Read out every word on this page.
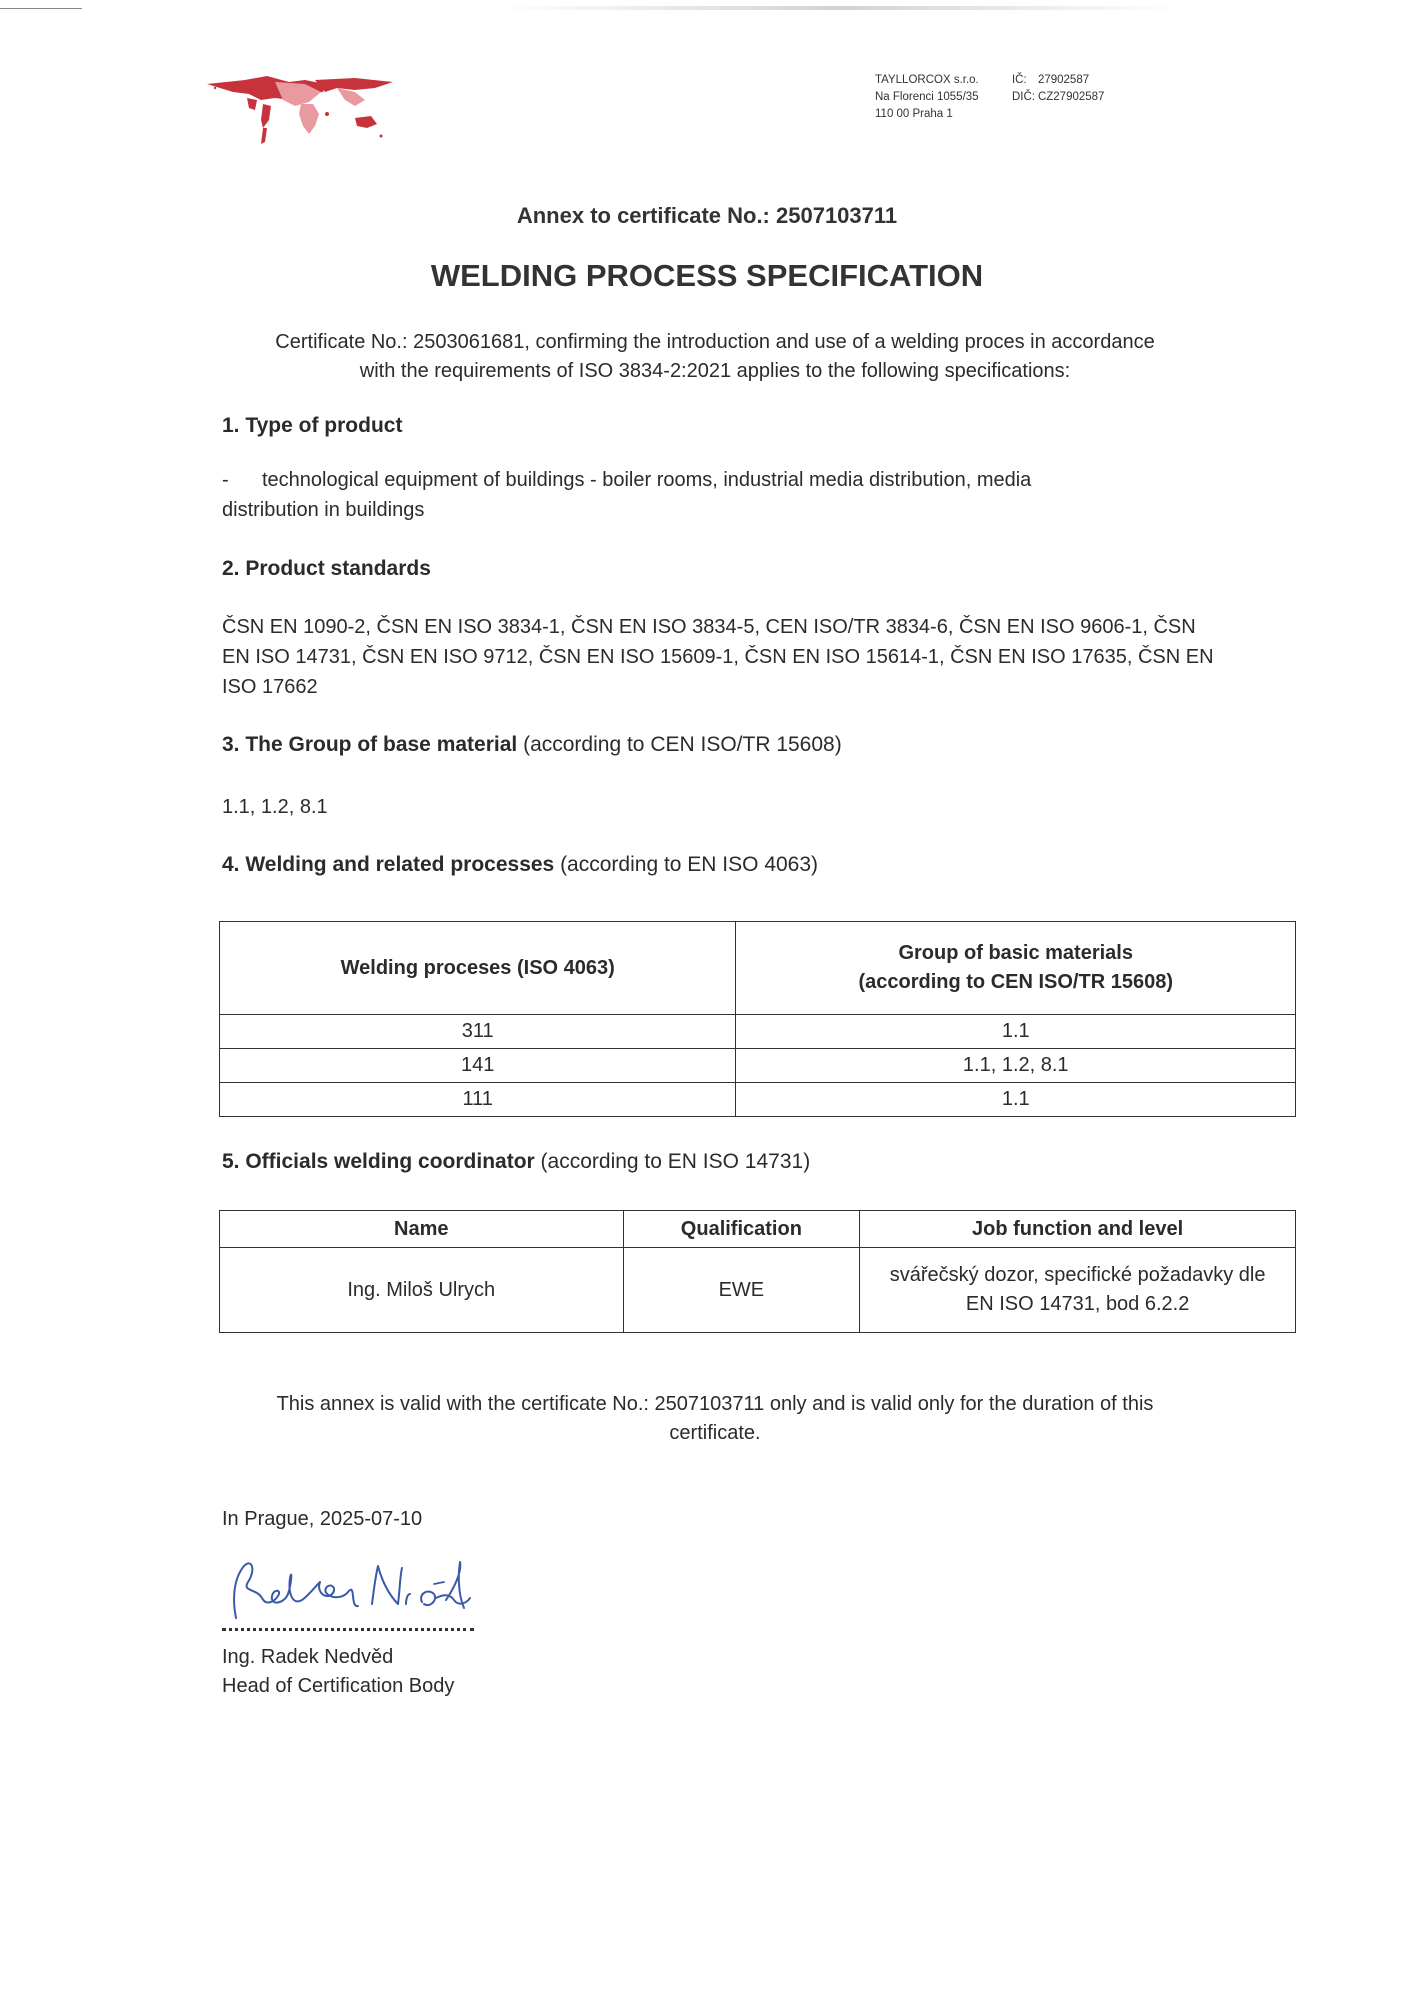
TAYLLORCOX s.r.o.
Na Florenci 1055/35
110 00 Praha 1

IČ: 27902587
DIČ: CZ27902587
Annex to certificate No.: 2507103711
WELDING PROCESS SPECIFICATION
Certificate No.: 2503061681, confirming the introduction and use of a welding proces in accordance
with the requirements of ISO 3834-2:2021 applies to the following specifications:
1. Type of product
- technological equipment of buildings - boiler rooms, industrial media distribution, media
distribution in buildings
2. Product standards
ČSN EN 1090-2, ČSN EN ISO 3834-1, ČSN EN ISO 3834-5, CEN ISO/TR 3834-6, ČSN EN ISO 9606-1, ČSN
EN ISO 14731, ČSN EN ISO 9712, ČSN EN ISO 15609-1, ČSN EN ISO 15614-1, ČSN EN ISO 17635, ČSN EN
ISO 17662
3. The Group of base material (according to CEN ISO/TR 15608)
1.1, 1.2, 8.1
4. Welding and related processes (according to EN ISO 4063)
Welding proceses (ISO 4063)	Group of basic materials
(according to CEN ISO/TR 15608)

311	1.1
141	1.1, 1.2, 8.1
111	1.1
5. Officials welding coordinator (according to EN ISO 14731)
Name	Qualification	Job function and level
Ing. Miloš Ulrych	EWE	svářečský dozor, specifické požadavky dle
EN ISO 14731, bod 6.2.2
This annex is valid with the certificate No.: 2507103711 only and is valid only for the duration of this
certificate.
In Prague, 2025-07-10
Ing. Radek Nedvěd
Head of Certification Body
